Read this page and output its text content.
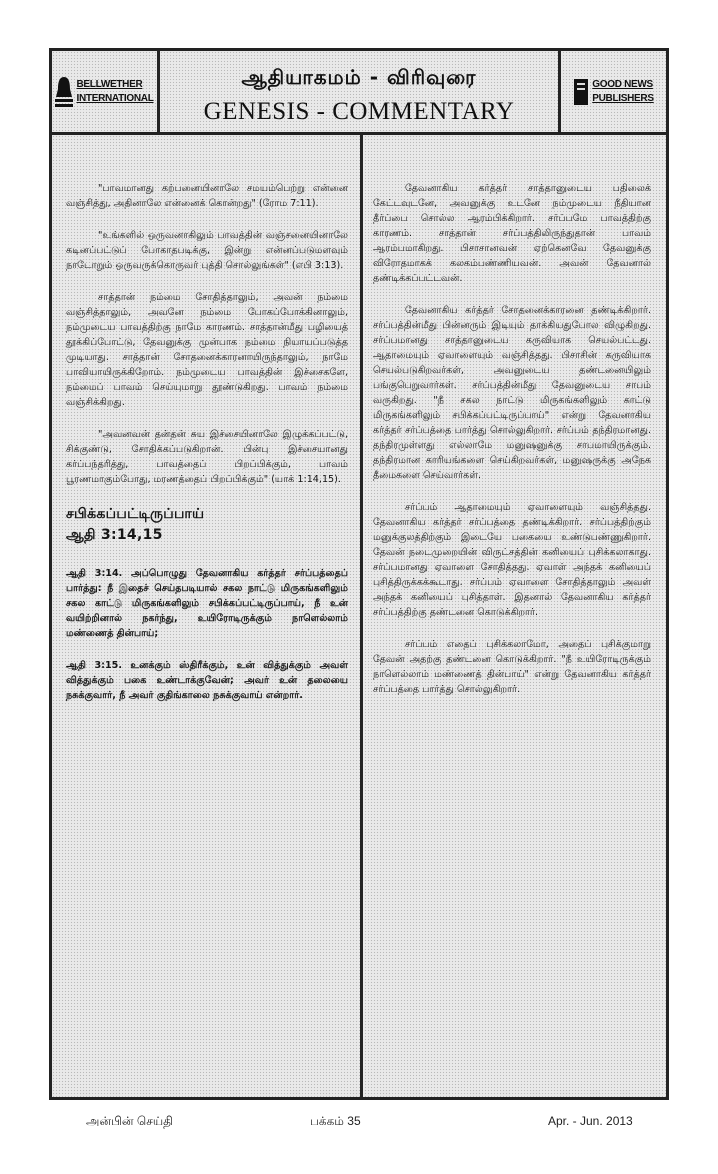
BELLWETHER
INTERNATIONAL
ஆதியாகமம் - விரிவுரை
GENESIS - COMMENTARY
GOOD NEWS
PUBLISHERS

"பாவமானது கற்பனையினாலே சமயம்பெற்று என்னை வஞ்சித்து, அதினாலே என்னைக் கொன்றது" (ரோம 7:11).

"உங்களில் ஒருவனாகிலும் பாவத்தின் வஞ்சனையினாலே கடினப்பட்டுப் போகாதபடிக்கு, இன்று என்னப்படுமளவும் நாடோறும் ஒருவருக்கொருவர் புத்தி சொல்லுங்கள்" (எபி 3:13).

சாத்தான் நம்மை சோதித்தாலும், அவன் நம்மை வஞ்சித்தாலும், அவனே நம்மை போகப்போக்கினாலும், நம்முடைய பாவத்திற்கு நாமே காரணம். சாத்தான்மீது பழியைத் தூக்கிப்போட்டு, தேவனுக்கு முன்பாக நம்மை நியாயப்படுத்த முடியாது. சாத்தான் சோதனைக்காரனாயிருந்தாலும், நாமே பாவியாயிருக்கிறோம். நம்முடைய பாவத்தின் இச்சைகளே, நம்மைப் பாவம் செய்யுமாறு தூண்டுகிறது. பாவம் நம்மை வஞ்சிக்கிறது.

"அவனவன் தன்தன் சுய இச்சையினாலே இழுக்கப்பட்டு, சிக்குண்டு, சோதிக்கப்படுகிறான். பின்பு இச்சையானது கர்ப்பந்தரித்து, பாவத்தைப் பிறப்பிக்கும், பாவம் பூரணமாகும்போது, மரணத்தைப் பிறப்பிக்கும்" (யாக் 1:14,15).

சபிக்கப்பட்டிருப்பாய்
ஆதி 3:14,15

ஆதி 3:14. அப்பொழுது தேவனாகிய கர்த்தர் சர்ப்பத்தைப் பார்த்து: நீ இதைச் செய்தபடியால் சகல நாட்டு மிருகங்களிலும் சகல காட்டு மிருகங்களிலும் சபிக்கப்பட்டிருப்பாய், நீ உன் வயிற்றினால் நகர்ந்து, உயிரோடிருக்கும் நாளெல்லாம் மண்ணைத் தின்பாய்;

ஆதி 3:15. உனக்கும் ஸ்திரீக்கும், உன் வித்துக்கும் அவள் வித்துக்கும் பகை உண்டாக்குவேன்; அவர் உன் தலையை நசுக்குவார், நீ அவர் குதிங்காலை நசுக்குவாய் என்றார்.

தேவனாகிய கர்த்தர் சாத்தானுடைய பதிலைக் கேட்டவுடனே, அவனுக்கு உடனே நம்முடைய நீதியான தீர்ப்பை சொல்ல ஆரம்பிக்கிறார். சர்ப்பமே பாவத்திற்கு காரணம். சாத்தான் சர்ப்பத்திலிருந்துதான் பாவம் ஆரம்பமாகிறது. பிசாசானவன் ஏற்கெனவே தேவனுக்கு விரோதமாகக் கலகம்பண்ணியவன். அவன் தேவனால் தண்டிக்கப்பட்டவன்.

தேவனாகிய கர்த்தர் சோதனைக்காரனை தண்டிக்கிறார். சர்ப்பத்தின்மீது பின்னரும் இடியும் தாக்கியதுபோல விழுகிறது. சர்ப்பமானது சாத்தானுடைய கருவியாக செயல்பட்டது. ஆதாமையும் ஏவாளையும் வஞ்சித்தது. பிசாசின் கருவியாக செயல்படுகிறவர்கள், அவனுடைய தண்டனையிலும் பங்குபெறுவார்கள். சர்ப்பத்தின்மீது தேவனுடைய சாபம் வருகிறது. "நீ சகல நாட்டு மிருகங்களிலும் காட்டு மிருகங்களிலும் சபிக்கப்பட்டிருப்பாய்" என்று தேவனாகிய கர்த்தர் சர்ப்பத்தை பார்த்து சொல்லுகிறார். சர்ப்பம் தந்திரமானது. தந்திரமுள்ளது எல்லாமே மனுஷனுக்கு சாபமாயிருக்கும். தந்திரமான காரியங்களை செய்கிறவர்கள், மனுஷருக்கு அநேக தீமைகளை செய்வார்கள்.

சர்ப்பம் ஆதாமையும் ஏவாளையும் வஞ்சித்தது. தேவனாகிய கர்த்தர் சர்ப்பத்தை தண்டிக்கிறார். சர்ப்பத்திற்கும் மனுக்குலத்திற்கும் இடையே பகையை உண்டுபண்ணுகிறார். தேவன் நடைமுறையின் விருட்சத்தின் கனியைப் புசிக்கலாகாது. சர்ப்பமானது ஏவாளை சோதித்தது. ஏவாள் அந்தக் கனியைப் புசித்திருக்கக்கூடாது. சர்ப்பம் ஏவாளை சோதித்தாலும் அவள் அந்தக் கனியைப் புசித்தாள். இதனால் தேவனாகிய கர்த்தர் சர்ப்பத்திற்கு தண்டனை கொடுக்கிறார்.

சர்ப்பம் எதைப் புசிக்கலாமோ, அதைப் புசிக்குமாறு தேவன் அதற்கு தண்டனை கொடுக்கிறார். "நீ உயிரோடிருக்கும் நாளெல்லாம் மண்ணைத் தின்பாய்" என்று தேவனாகிய கர்த்தர் சர்ப்பத்தை பார்த்து சொல்லுகிறார்.

அன்பின் செய்தி	பக்கம் 35	Apr. - Jun. 2013
